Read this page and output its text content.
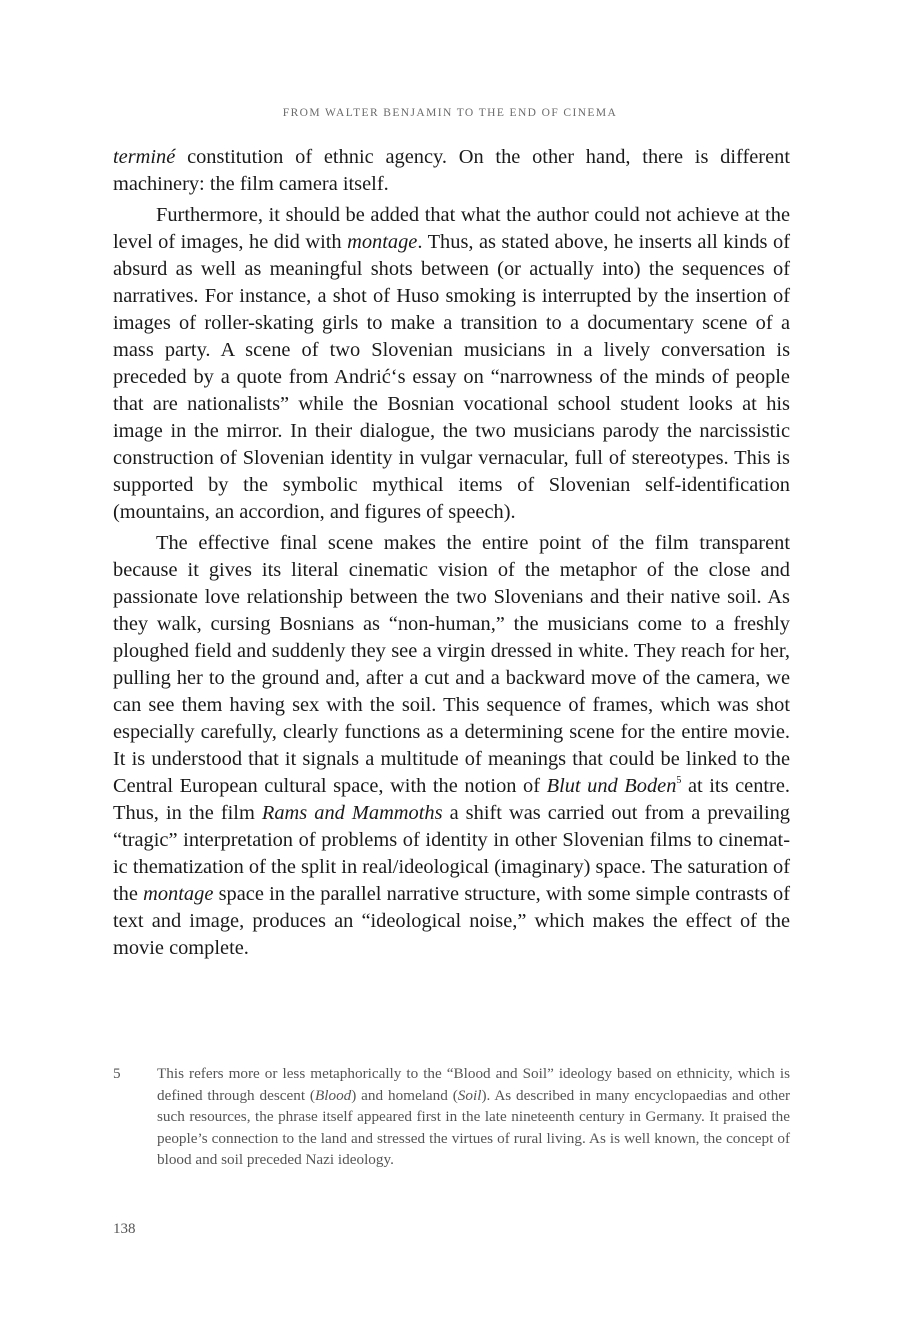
FROM WALTER BENJAMIN TO THE END OF CINEMA

terminé constitution of ethnic agency. On the other hand, there is different machinery: the film camera itself.

Furthermore, it should be added that what the author could not achieve at the level of images, he did with montage. Thus, as stated above, he inserts all kinds of absurd as well as meaningful shots between (or actually into) the sequences of narratives. For instance, a shot of Huso smoking is interrupted by the insertion of images of roller-skating girls to make a transition to a documentary scene of a mass party. A scene of two Slovenian musicians in a lively conversation is preceded by a quote from Andrić‘s essay on “narrowness of the minds of people that are nationalists” while the Bosnian vocational school student looks at his image in the mirror. In their dialogue, the two musicians parody the narcissistic construction of Slovenian identity in vulgar vernacular, full of stereotypes. This is supported by the symbolic mythical items of Slovenian self-identification (mountains, an accordion, and figures of speech).

The effective final scene makes the entire point of the film transparent because it gives its literal cinematic vision of the metaphor of the close and passionate love relationship between the two Slovenians and their native soil. As they walk, cursing Bosnians as “non-human,” the musicians come to a freshly ploughed field and suddenly they see a virgin dressed in white. They reach for her, pulling her to the ground and, after a cut and a backward move of the camera, we can see them having sex with the soil. This sequence of frames, which was shot especially carefully, clearly functions as a determining scene for the entire movie. It is understood that it signals a multitude of meanings that could be linked to the Central European cultural space, with the notion of Blut und Boden$^5$ at its centre. Thus, in the film Rams and Mammoths a shift was carried out from a prevailing “tragic” interpretation of problems of identity in other Slovenian films to cinematic thematization of the split in real/ideological (imaginary) space. The saturation of the montage space in the parallel narrative structure, with some simple contrasts of text and image, produces an “ideological noise,” which makes the effect of the movie complete.

5	This refers more or less metaphorically to the “Blood and Soil” ideology based on ethnicity, which is defined through descent (Blood) and homeland (Soil). As described in many encyclopaedias and other such resources, the phrase itself appeared first in the late nineteenth century in Germany. It praised the people’s connection to the land and stressed the virtues of rural living. As is well known, the concept of blood and soil preceded Nazi ideology.
138
